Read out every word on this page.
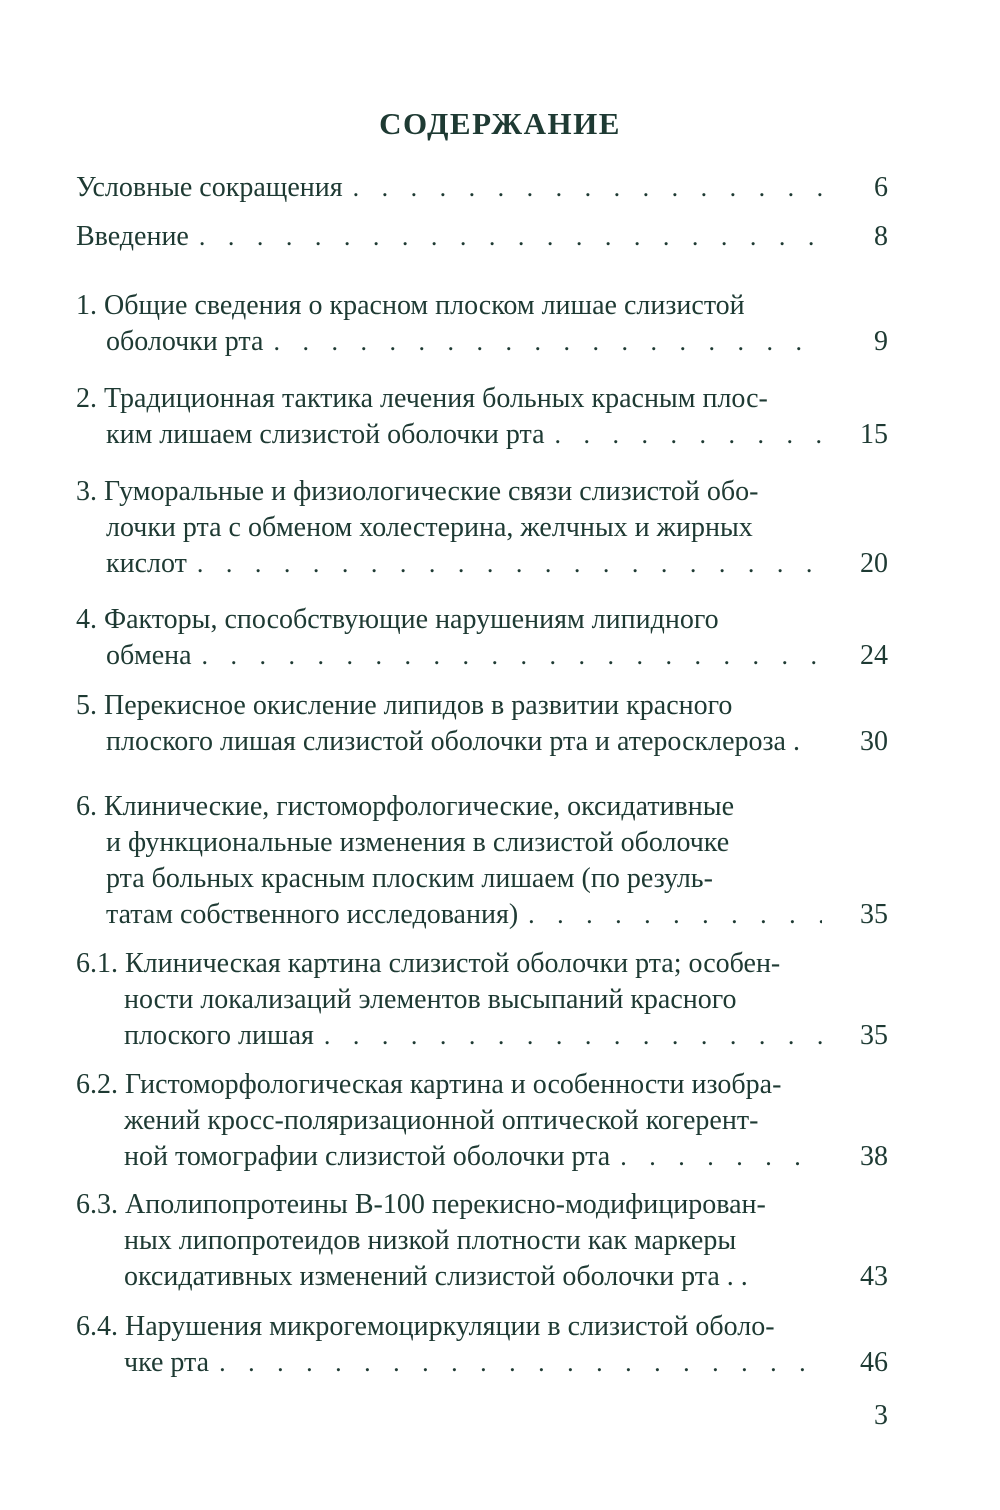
СОДЕРЖАНИЕ
Условные сокращения . . .	6
Введение . . .	8
1. Общие сведения о красном плоском лишае слизистой
оболочки рта . . .	9
2. Традиционная тактика лечения больных красным плос-
ким лишаем слизистой оболочки рта . . .	15
3. Гуморальные и физиологические связи слизистой обо-
лочки рта с обменом холестерина, желчных и жирных
кислот . . .	20
4. Факторы, способствующие нарушениям липидного
обмена . . .	24
5. Перекисное окисление липидов в развитии красного
плоского лишая слизистой оболочки рта и атеросклероза .	30
6. Клинические, гистоморфологические, оксидативные
и функциональные изменения в слизистой оболочке
рта больных красным плоским лишаем (по резуль-
татам собственного исследования) . . .	35
6.1. Клиническая картина слизистой оболочки рта; особен-
ности локализаций элементов высыпаний красного
плоского лишая . . .	35
6.2. Гистоморфологическая картина и особенности изобра-
жений кросс-поляризационной оптической когерент-
ной томографии слизистой оболочки рта . . .	38
6.3. Аполипопротеины В-100 перекисно-модифицирован-
ных липопротеидов низкой плотности как маркеры
оксидативных изменений слизистой оболочки рта . .	43
6.4. Нарушения микрогемоциркуляции в слизистой оболо-
чке рта . . .	46
3
